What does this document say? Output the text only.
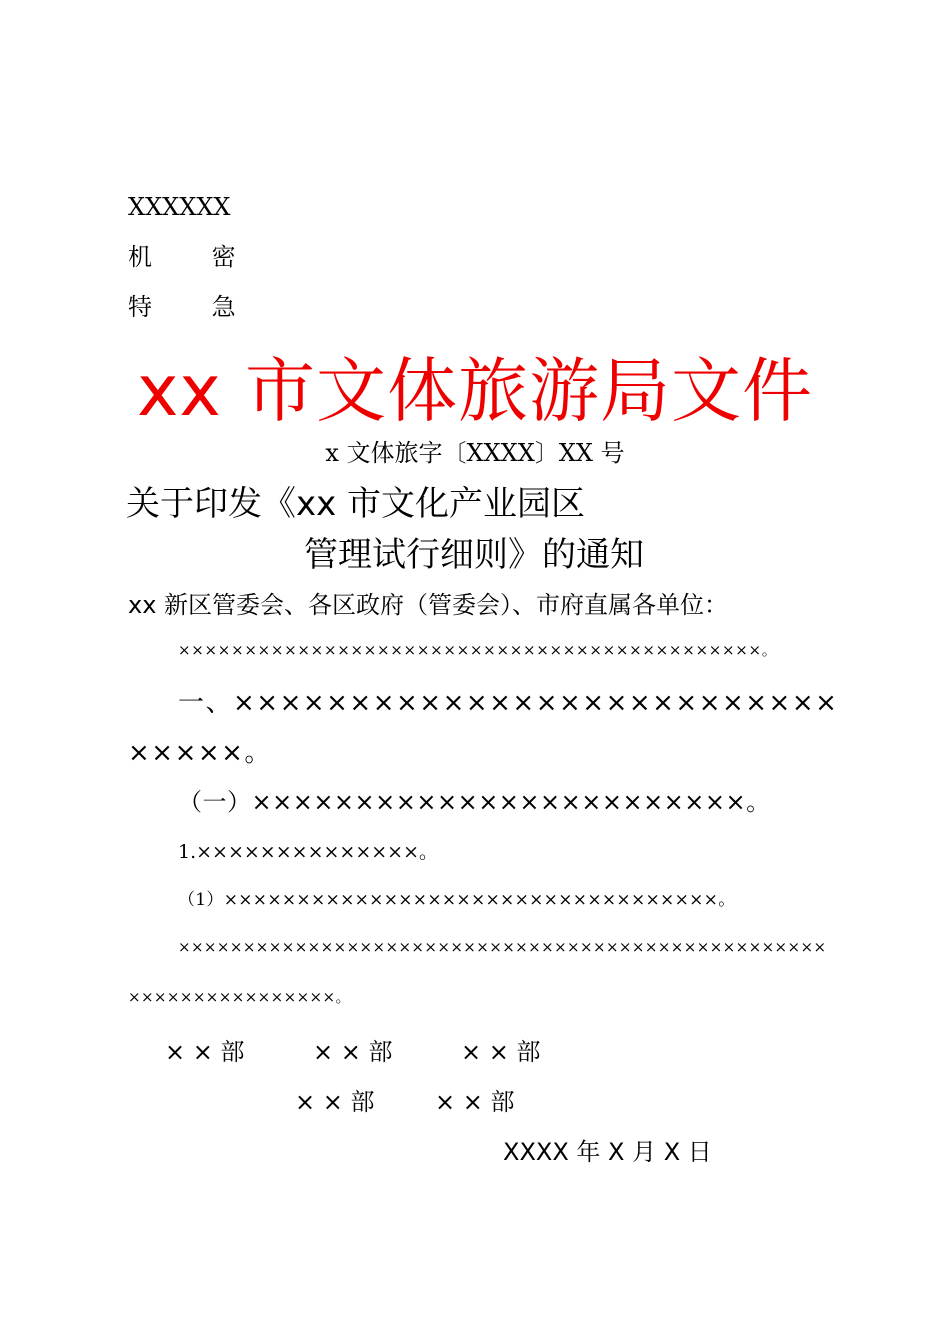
XXXXXX
机 密
特 急
xx 市文体旅游局文件
x 文体旅字〔XXXX〕XX 号
关于印发《xx 市文化产业园区
管理试行细则》的通知
xx 新区管委会、各区政府（管委会）、市府直属各单位：
××××××××××××××××××××××××××××××××××××××××××××。
一、××××××××××××××××××××××××××
×××××。
（一）××××××××××××××××××××××××。
1.××××××××××××××。
（1）××××××××××××××××××××××××××××××××××。
××××××××××××××××××××××××××××××××××××××××××××××××××
××××××××××××××××。
× × 部	× × 部	× × 部
× × 部	× × 部
XXXX 年 X 月 X 日
